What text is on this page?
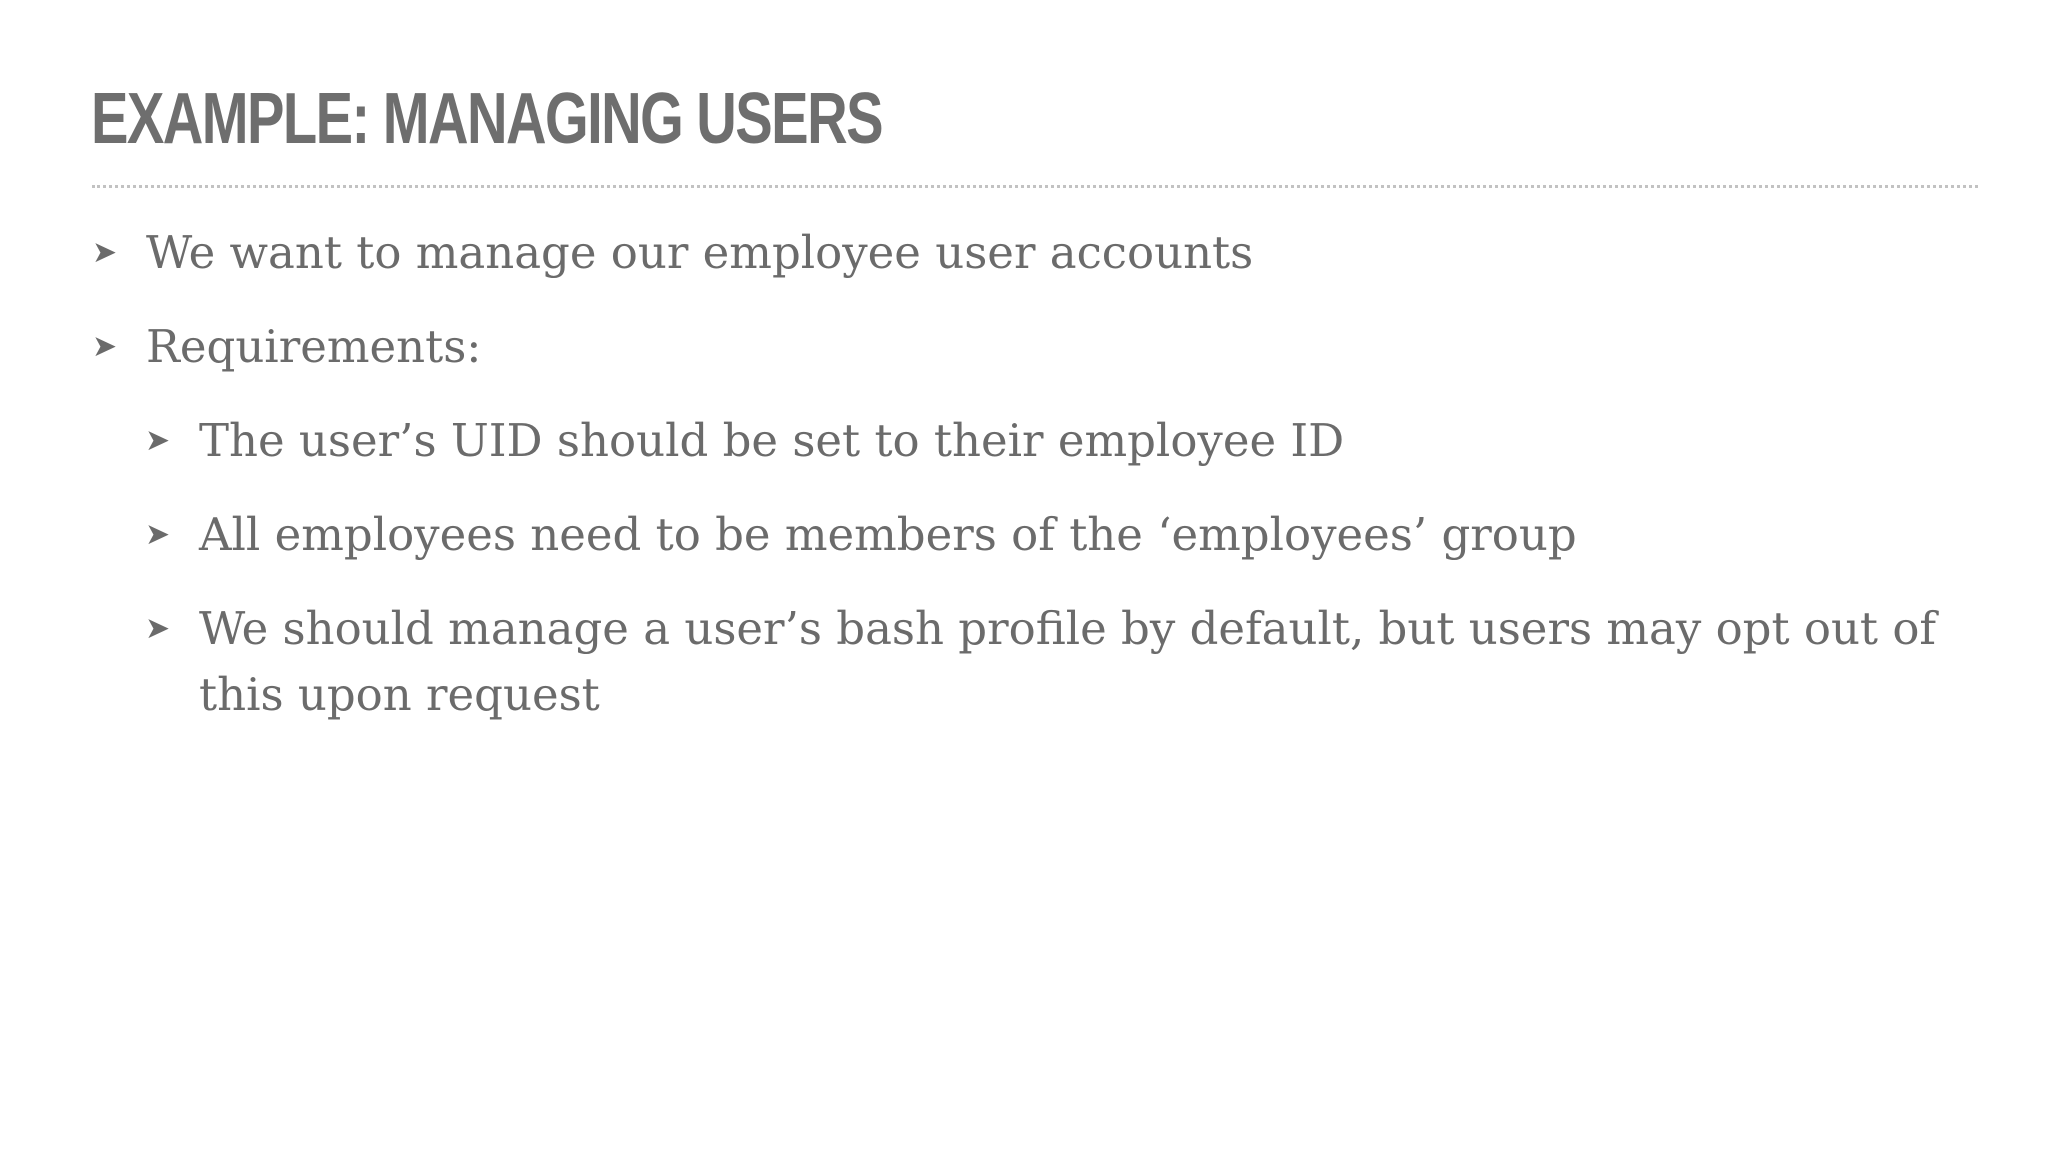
EXAMPLE: MANAGING USERS
➤ We want to manage our employee user accounts
➤ Requirements:
➤ The user’s UID should be set to their employee ID
➤ All employees need to be members of the ‘employees’ group
➤ We should manage a user’s bash profile by default, but users may opt out of this upon request
